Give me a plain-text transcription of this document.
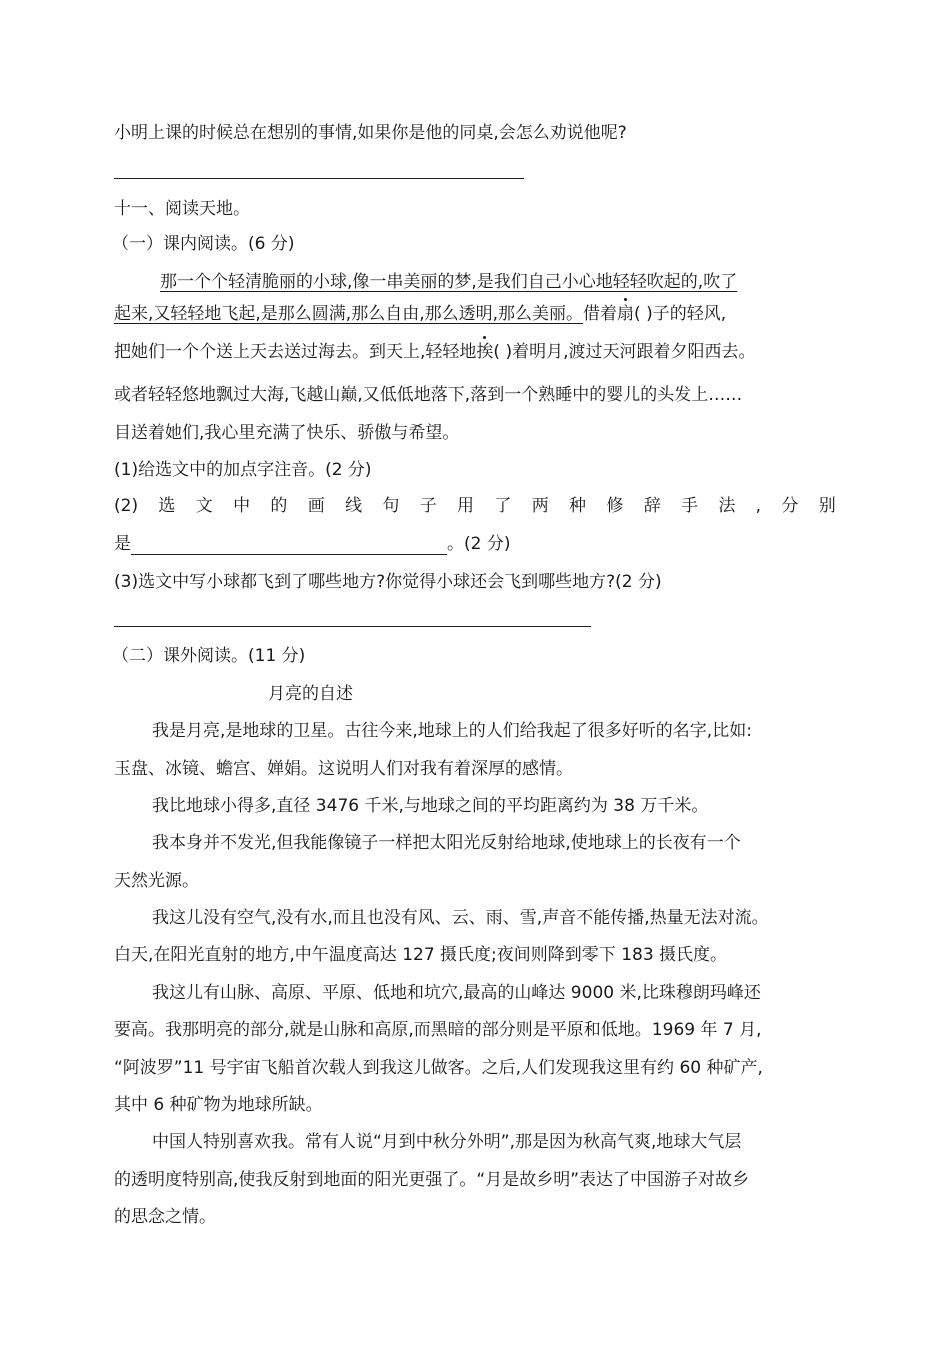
小明上课的时候总在想别的事情,如果你是他的同桌,会怎么劝说他呢?
十一、阅读天地。
（一）课内阅读。(6 分)
那一个个轻清脆丽的小球,像一串美丽的梦,是我们自己小心地轻轻吹起的,吹了
起来,又轻轻地飞起,是那么圆满,那么自由,那么透明,那么美丽。借着扇( )子的轻风,
把她们一个个送上天去送过海去。到天上,轻轻地挨( )着明月,渡过天河跟着夕阳西去。
或者轻轻悠地飘过大海,飞越山巅,又低低地落下,落到一个熟睡中的婴儿的头发上……
目送着她们,我心里充满了快乐、骄傲与希望。
(1)给选文中的加点字注音。(2 分)
(2) 选 文 中 的 画 线 句 子 用 了 两 种 修 辞 手 法 , 分 别
是	。(2 分)
(3)选文中写小球都飞到了哪些地方?你觉得小球还会飞到哪些地方?(2 分)
（二）课外阅读。(11 分)
月亮的自述
我是月亮,是地球的卫星。古往今来,地球上的人们给我起了很多好听的名字,比如:
玉盘、冰镜、蟾宫、婵娟。这说明人们对我有着深厚的感情。
我比地球小得多,直径 3476 千米,与地球之间的平均距离约为 38 万千米。
我本身并不发光,但我能像镜子一样把太阳光反射给地球,使地球上的长夜有一个
天然光源。
我这儿没有空气,没有水,而且也没有风、云、雨、雪,声音不能传播,热量无法对流。
白天,在阳光直射的地方,中午温度高达 127 摄氏度;夜间则降到零下 183 摄氏度。
我这儿有山脉、高原、平原、低地和坑穴,最高的山峰达 9000 米,比珠穆朗玛峰还
要高。我那明亮的部分,就是山脉和高原,而黑暗的部分则是平原和低地。1969 年 7 月,
“阿波罗”11 号宇宙飞船首次载人到我这儿做客。之后,人们发现我这里有约 60 种矿产,
其中 6 种矿物为地球所缺。
中国人特别喜欢我。常有人说“月到中秋分外明”,那是因为秋高气爽,地球大气层
的透明度特别高,使我反射到地面的阳光更强了。“月是故乡明”表达了中国游子对故乡
的思念之情。
